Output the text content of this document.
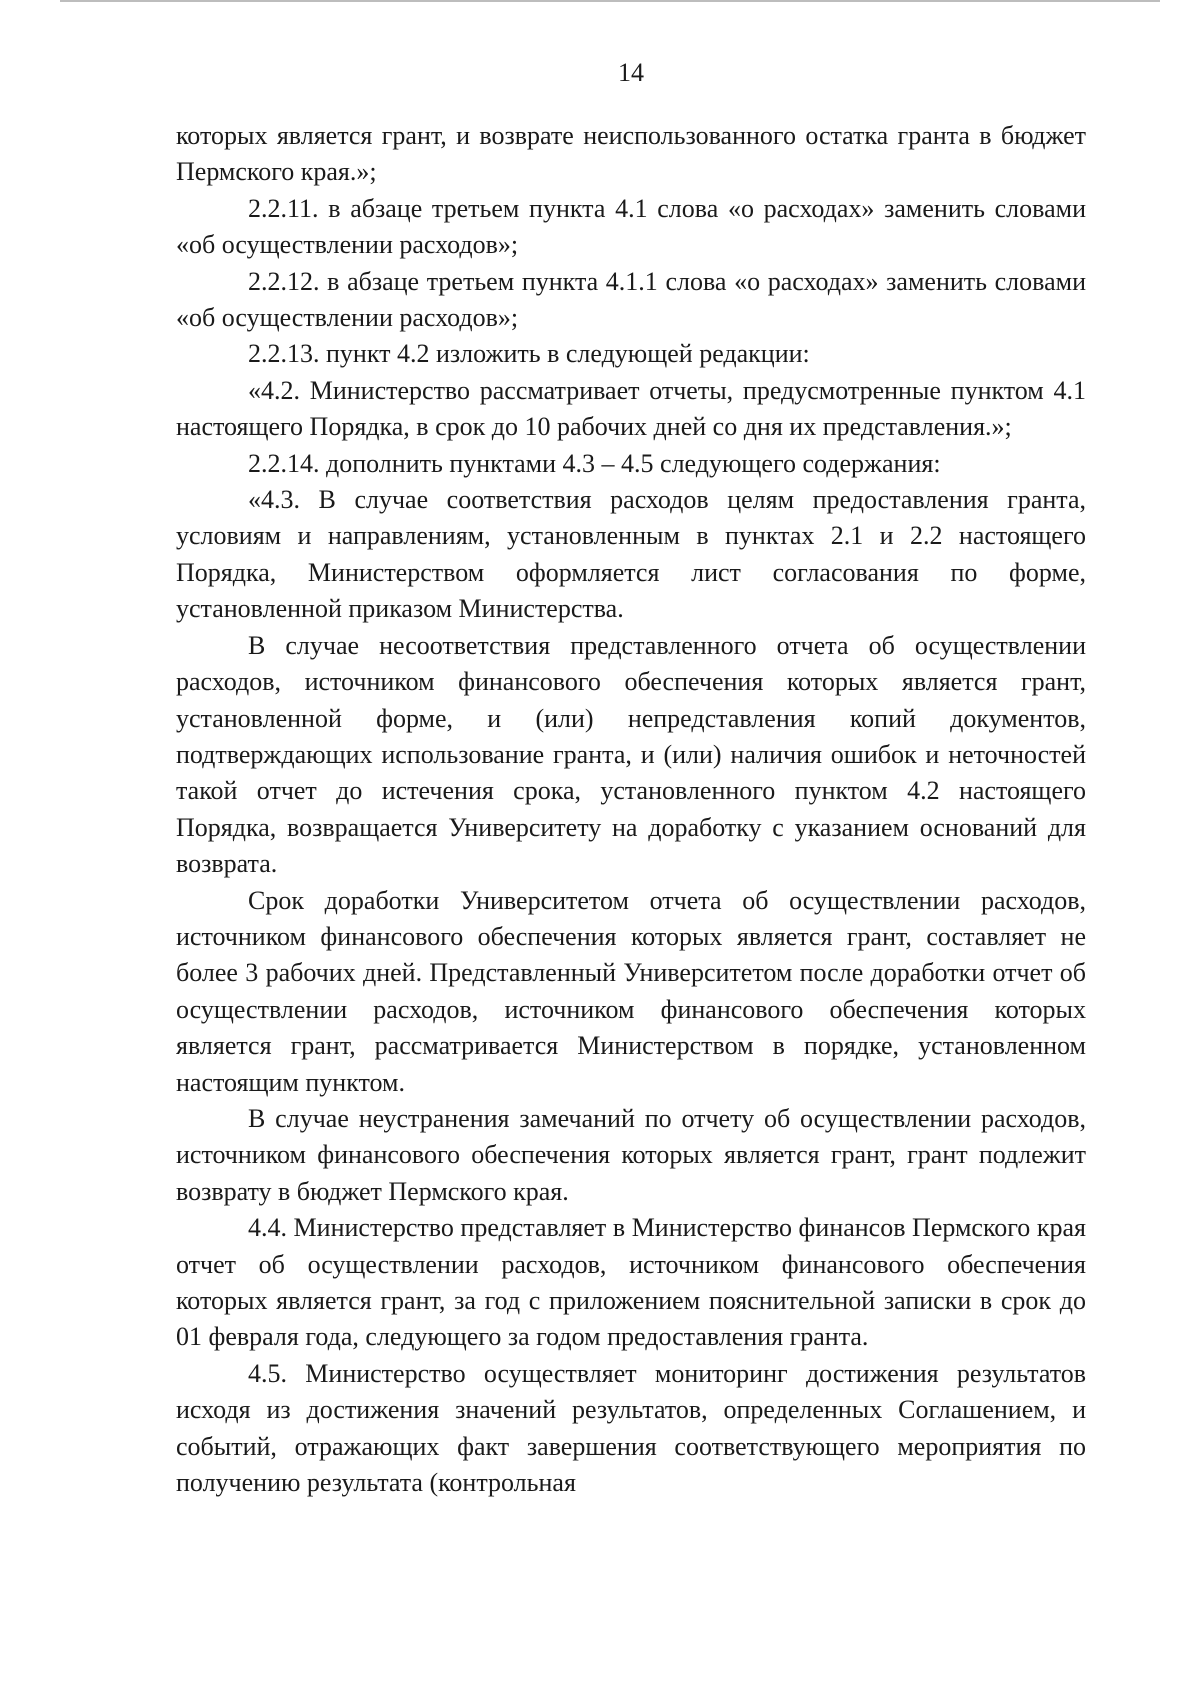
14

которых является грант, и возврате неиспользованного остатка гранта в бюджет Пермского края.»;

2.2.11. в абзаце третьем пункта 4.1 слова «о расходах» заменить словами «об осуществлении расходов»;

2.2.12. в абзаце третьем пункта 4.1.1 слова «о расходах» заменить словами «об осуществлении расходов»;

2.2.13. пункт 4.2 изложить в следующей редакции:

«4.2. Министерство рассматривает отчеты, предусмотренные пунктом 4.1 настоящего Порядка, в срок до 10 рабочих дней со дня их представления.»;

2.2.14. дополнить пунктами 4.3 – 4.5 следующего содержания:

«4.3. В случае соответствия расходов целям предоставления гранта, условиям и направлениям, установленным в пунктах 2.1 и 2.2 настоящего Порядка, Министерством оформляется лист согласования по форме, установленной приказом Министерства.

В случае несоответствия представленного отчета об осуществлении расходов, источником финансового обеспечения которых является грант, установленной форме, и (или) непредставления копий документов, подтверждающих использование гранта, и (или) наличия ошибок и неточностей такой отчет до истечения срока, установленного пунктом 4.2 настоящего Порядка, возвращается Университету на доработку с указанием оснований для возврата.

Срок доработки Университетом отчета об осуществлении расходов, источником финансового обеспечения которых является грант, составляет не более 3 рабочих дней. Представленный Университетом после доработки отчет об осуществлении расходов, источником финансового обеспечения которых является грант, рассматривается Министерством в порядке, установленном настоящим пунктом.

В случае неустранения замечаний по отчету об осуществлении расходов, источником финансового обеспечения которых является грант, грант подлежит возврату в бюджет Пермского края.

4.4. Министерство представляет в Министерство финансов Пермского края отчет об осуществлении расходов, источником финансового обеспечения которых является грант, за год с приложением пояснительной записки в срок до 01 февраля года, следующего за годом предоставления гранта.

4.5. Министерство осуществляет мониторинг достижения результатов исходя из достижения значений результатов, определенных Соглашением, и событий, отражающих факт завершения соответствующего мероприятия по получению результата (контрольная
